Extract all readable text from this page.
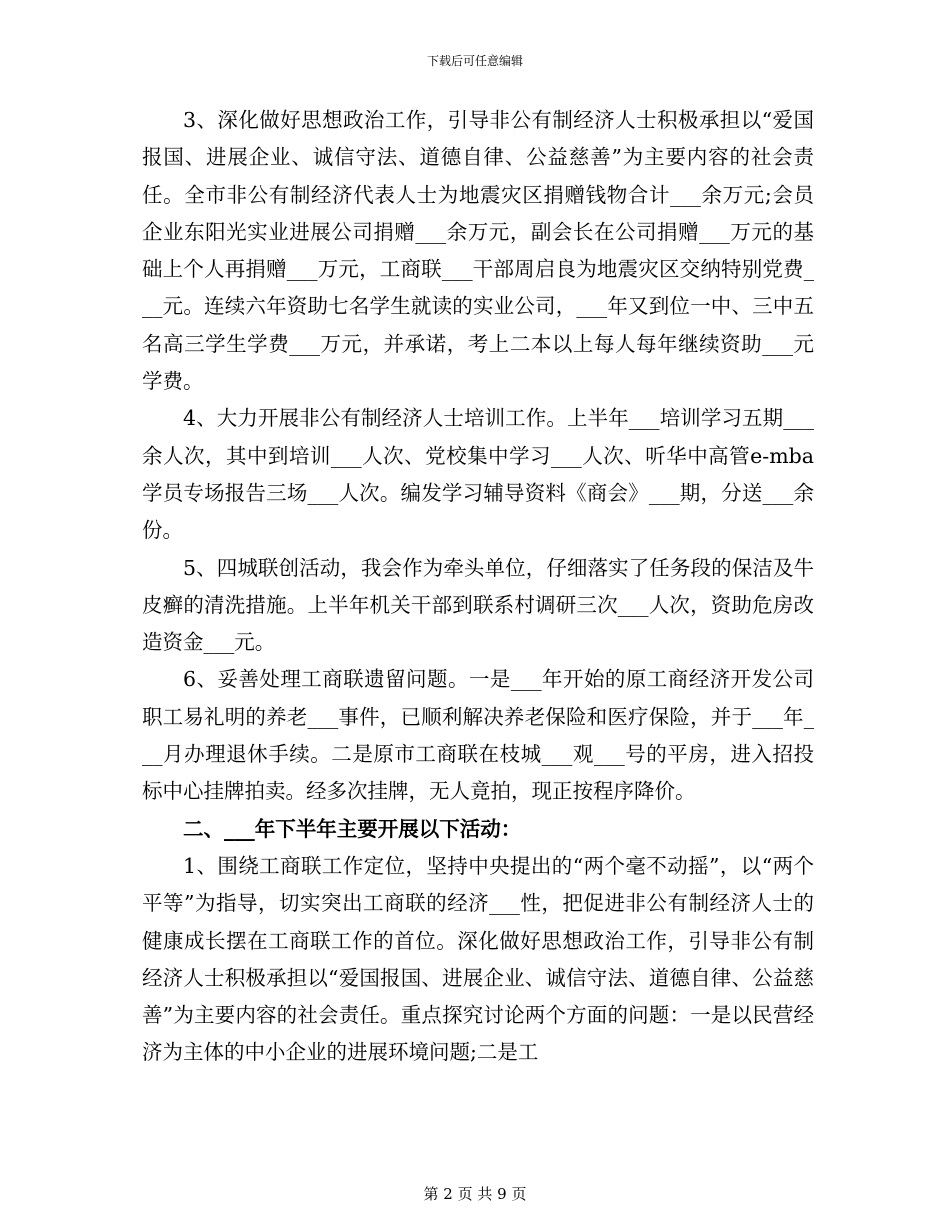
下载后可任意编辑

3、深化做好思想政治工作，引导非公有制经济人士积极承担以“爱国报国、进展企业、诚信守法、道德自律、公益慈善”为主要内容的社会责任。全市非公有制经济代表人士为地震灾区捐赠钱物合计___余万元;会员企业东阳光实业进展公司捐赠___余万元，副会长在公司捐赠___万元的基础上个人再捐赠___万元，工商联___干部周启良为地震灾区交纳特别党费___元。连续六年资助七名学生就读的实业公司，___年又到位一中、三中五名高三学生学费___万元，并承诺，考上二本以上每人每年继续资助___元学费。

4、大力开展非公有制经济人士培训工作。上半年___培训学习五期___余人次，其中到培训___人次、党校集中学习___人次、听华中高管e-mba学员专场报告三场___人次。编发学习辅导资料《商会》___期，分送___余份。

5、四城联创活动，我会作为牵头单位，仔细落实了任务段的保洁及牛皮癣的清洗措施。上半年机关干部到联系村调研三次___人次，资助危房改造资金___元。

6、妥善处理工商联遗留问题。一是___年开始的原工商经济开发公司职工易礼明的养老___事件，已顺利解决养老保险和医疗保险，并于___年___月办理退休手续。二是原市工商联在枝城___观___号的平房，进入招投标中心挂牌拍卖。经多次挂牌，无人竟拍，现正按程序降价。

二、___年下半年主要开展以下活动：

1、围绕工商联工作定位，坚持中央提出的“两个毫不动摇”，以“两个平等”为指导，切实突出工商联的经济___性，把促进非公有制经济人士的健康成长摆在工商联工作的首位。深化做好思想政治工作，引导非公有制经济人士积极承担以“爱国报国、进展企业、诚信守法、道德自律、公益慈善”为主要内容的社会责任。重点探究讨论两个方面的问题：一是以民营经济为主体的中小企业的进展环境问题;二是工

第 2 页 共 9 页
